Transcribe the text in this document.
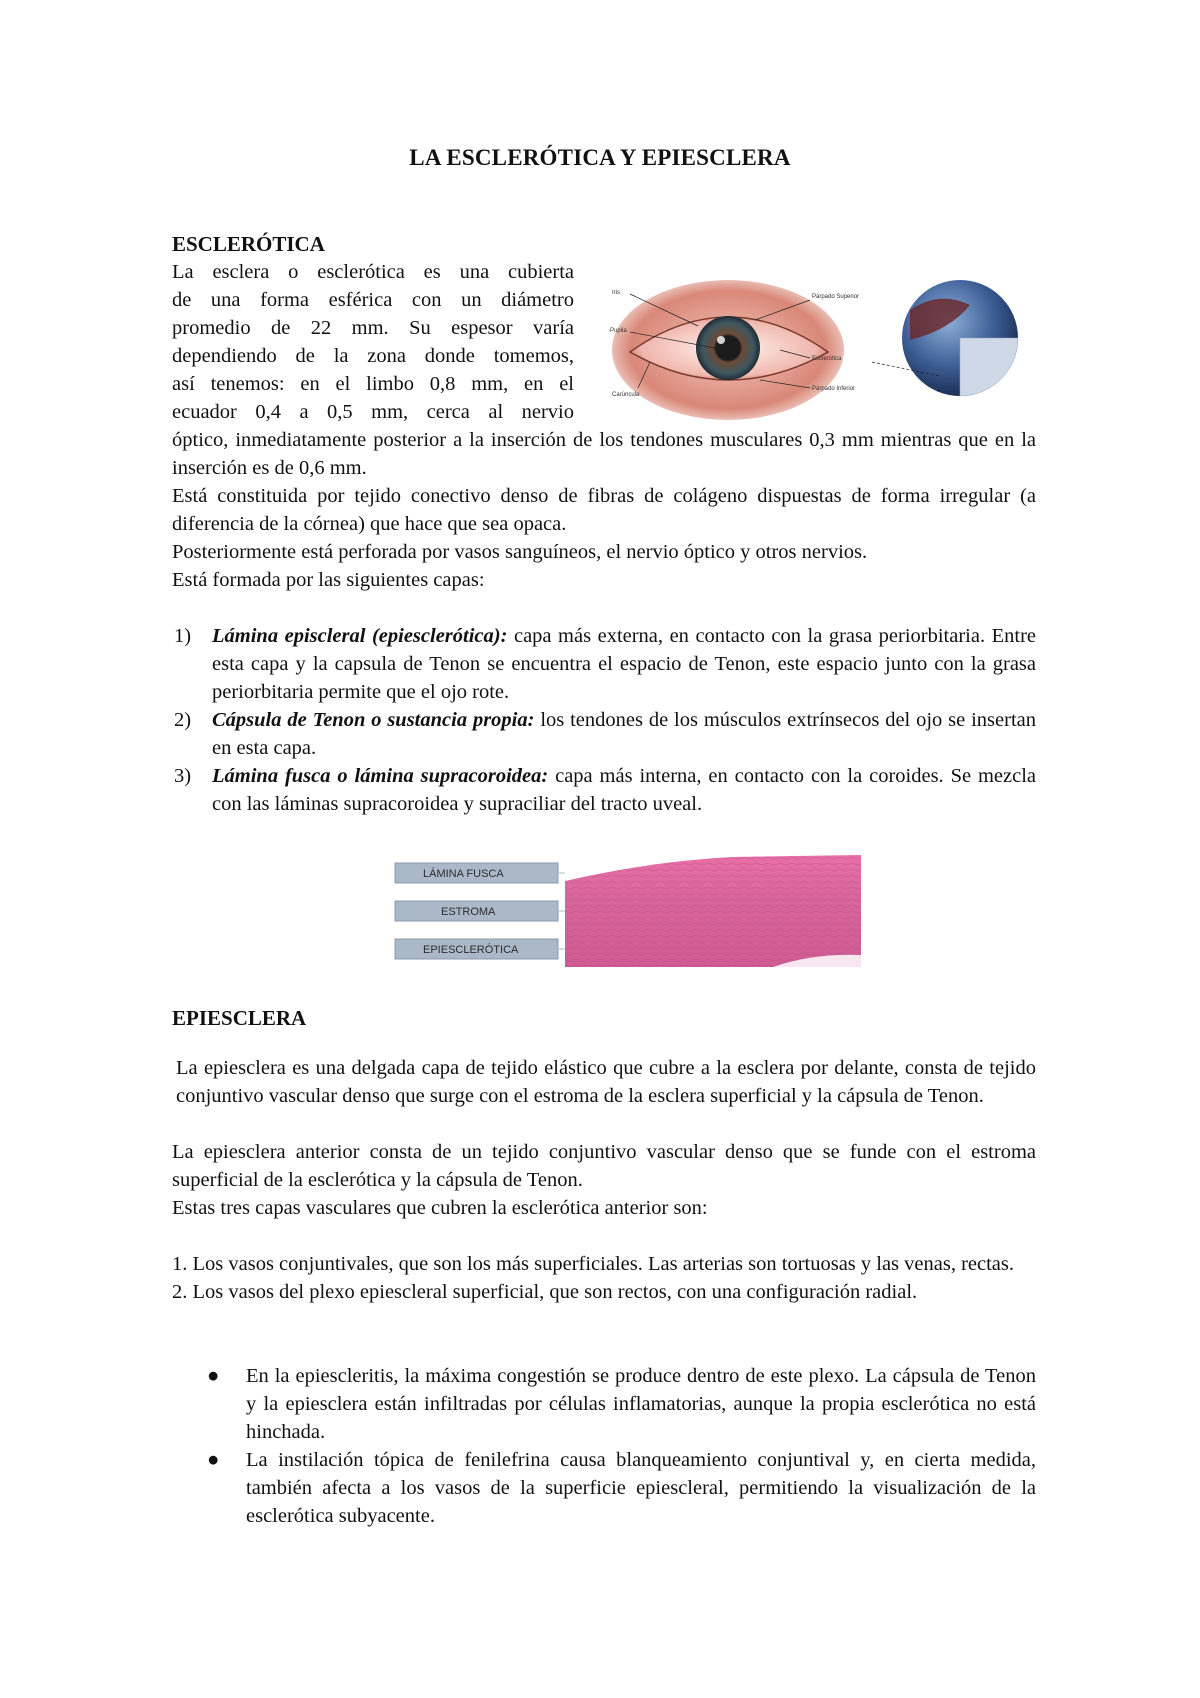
LA ESCLERÓTICA Y EPIESCLERA
ESCLERÓTICA
La esclera o esclerótica es una cubierta
de una forma esférica con un diámetro
promedio de 22 mm. Su espesor varía
dependiendo de la zona donde tomemos,
así tenemos: en el limbo 0,8 mm, en el
ecuador 0,4 a 0,5 mm, cerca al nervio
Iris
Pupila
Carúncula
Párpado Superior
Esclerótica
Párpado Inferior

óptico, inmediatamente posterior a la inserción de los tendones musculares 0,3 mm mientras que en la inserción es de 0,6 mm.

Está constituida por tejido conectivo denso de fibras de colágeno dispuestas de forma irregular (a diferencia de la córnea) que hace que sea opaca.

Posteriormente está perforada por vasos sanguíneos, el nervio óptico y otros nervios.

Está formada por las siguientes capas:

1) Lámina episcleral (epiesclerótica): capa más externa, en contacto con la grasa periorbitaria. Entre esta capa y la capsula de Tenon se encuentra el espacio de Tenon, este espacio junto con la grasa periorbitaria permite que el ojo rote.
2) Cápsula de Tenon o sustancia propia: los tendones de los músculos extrínsecos del ojo se insertan en esta capa.
3) Lámina fusca o lámina supracoroidea: capa más interna, en contacto con la coroides. Se mezcla con las láminas supracoroidea y supraciliar del tracto uveal.
LÁMINA FUSCA
ESTROMA
EPIESCLERÓTICA
EPIESCLERA

La epiesclera es una delgada capa de tejido elástico que cubre a la esclera por delante, consta de tejido conjuntivo vascular denso que surge con el estroma de la esclera superficial y la cápsula de Tenon.

La epiesclera anterior consta de un tejido conjuntivo vascular denso que se funde con el estroma superficial de la esclerótica y la cápsula de Tenon.

Estas tres capas vasculares que cubren la esclerótica anterior son:

1. Los vasos conjuntivales, que son los más superficiales. Las arterias son tortuosas y las venas, rectas.

2. Los vasos del plexo epiescleral superficial, que son rectos, con una configuración radial.

● En la epiescleritis, la máxima congestión se produce dentro de este plexo. La cápsula de Tenon y la epiesclera están infiltradas por células inflamatorias, aunque la propia esclerótica no está hinchada.
● La instilación tópica de fenilefrina causa blanqueamiento conjuntival y, en cierta medida, también afecta a los vasos de la superficie epiescleral, permitiendo la visualización de la esclerótica subyacente.
